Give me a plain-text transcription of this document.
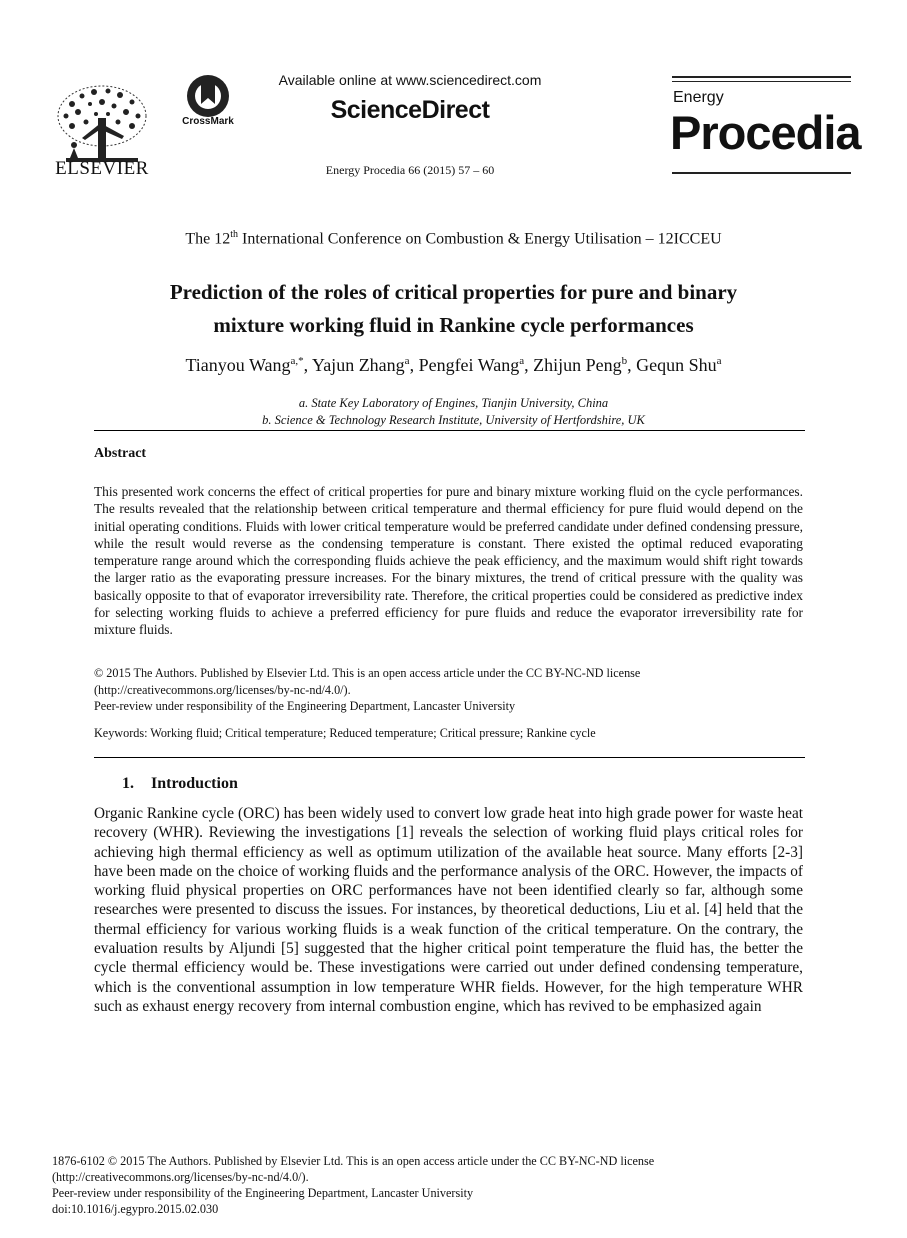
ELSEVIER
CrossMark
Available online at www.sciencedirect.com
ScienceDirect
Energy Procedia 66 (2015) 57 – 60
Energy
Procedia
The 12th International Conference on Combustion & Energy Utilisation – 12ICCEU
Prediction of the roles of critical properties for pure and binary
mixture working fluid in Rankine cycle performances
Tianyou Wang$^{a,*}$, Yajun Zhang$^a$, Pengfei Wang$^a$, Zhijun Peng$^b$, Gequn Shu$^a$
a. State Key Laboratory of Engines, Tianjin University, China
b. Science & Technology Research Institute, University of Hertfordshire, UK
Abstract
This presented work concerns the effect of critical properties for pure and binary mixture working fluid on the cycle performances. The results revealed that the relationship between critical temperature and thermal efficiency for pure fluid would depend on the initial operating conditions. Fluids with lower critical temperature would be preferred candidate under defined condensing pressure, while the result would reverse as the condensing temperature is constant. There existed the optimal reduced evaporating temperature range around which the corresponding fluids achieve the peak efficiency, and the maximum would shift right towards the larger ratio as the evaporating pressure increases. For the binary mixtures, the trend of critical pressure with the quality was basically opposite to that of evaporator irreversibility rate. Therefore, the critical properties could be considered as predictive index for selecting working fluids to achieve a preferred efficiency for pure fluids and reduce the evaporator irreversibility rate for mixture fluids.
© 2015 The Authors. Published by Elsevier Ltd. This is an open access article under the CC BY-NC-ND license
(http://creativecommons.org/licenses/by-nc-nd/4.0/).
Peer-review under responsibility of the Engineering Department, Lancaster University
Keywords: Working fluid; Critical temperature; Reduced temperature; Critical pressure; Rankine cycle
1. Introduction
Organic Rankine cycle (ORC) has been widely used to convert low grade heat into high grade power for waste heat recovery (WHR). Reviewing the investigations [1] reveals the selection of working fluid plays critical roles for achieving high thermal efficiency as well as optimum utilization of the available heat source. Many efforts [2-3] have been made on the choice of working fluids and the performance analysis of the ORC. However, the impacts of working fluid physical properties on ORC performances have not been identified clearly so far, although some researches were presented to discuss the issues. For instances, by theoretical deductions, Liu et al. [4] held that the thermal efficiency for various working fluids is a weak function of the critical temperature. On the contrary, the evaluation results by Aljundi [5] suggested that the higher critical point temperature the fluid has, the better the cycle thermal efficiency would be. These investigations were carried out under defined condensing temperature, which is the conventional assumption in low temperature WHR fields. However, for the high temperature WHR such as exhaust energy recovery from internal combustion engine, which has revived to be emphasized again
1876-6102 © 2015 The Authors. Published by Elsevier Ltd. This is an open access article under the CC BY-NC-ND license
(http://creativecommons.org/licenses/by-nc-nd/4.0/).
Peer-review under responsibility of the Engineering Department, Lancaster University
doi:10.1016/j.egypro.2015.02.030
